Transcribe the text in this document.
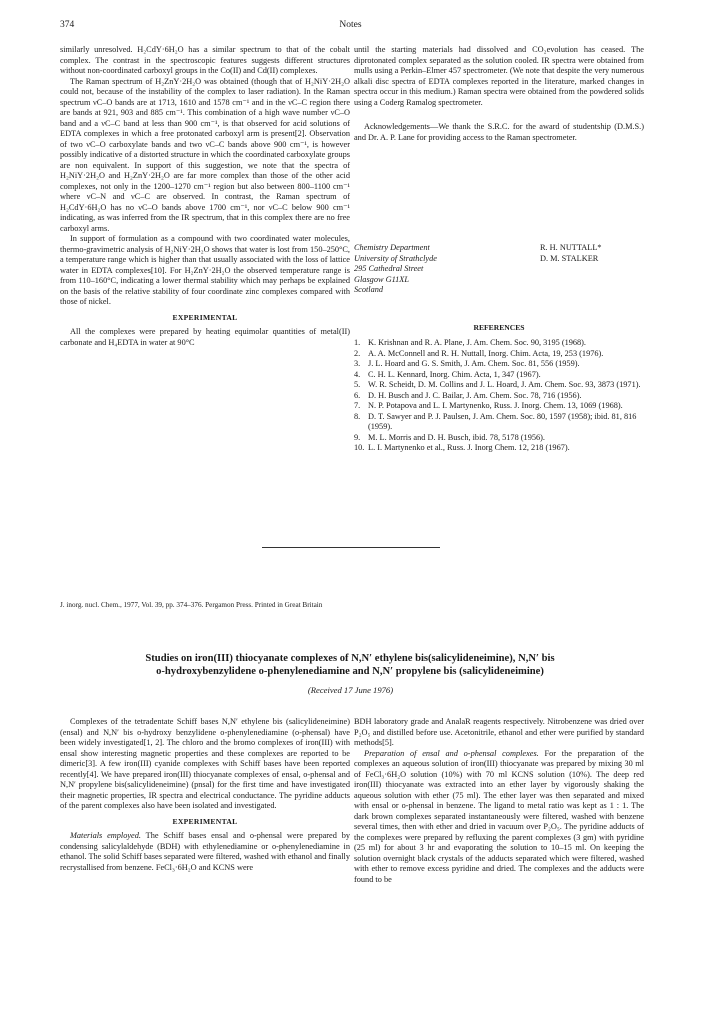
374	Notes

similarly unresolved. H₂CdY·6H₂O has a similar spectrum to that of the cobalt complex. The contrast in the spectroscopic features suggests different structures without non-coordinated carboxyl groups in the Co(II) and Cd(II) complexes.

The Raman spectrum of H₂ZnY·2H₂O was obtained (though that of H₂NiY·2H₂O could not, because of the instability of the complex to laser radiation). In the Raman spectrum νC–O bands are at 1713, 1610 and 1578 cm⁻¹ and in the νC–C region there are bands at 921, 903 and 885 cm⁻¹. This combination of a high wave number νC–O band and a νC–C band at less than 900 cm⁻¹, is that observed for acid solutions of EDTA complexes in which a free protonated carboxyl arm is present[2]. Observation of two νC–O carboxylate bands and two νC–C bands above 900 cm⁻¹, is however possibly indicative of a distorted structure in which the coordinated carboxylate groups are non equivalent. In support of this suggestion, we note that the spectra of H₂NiY·2H₂O and H₂ZnY·2H₂O are far more complex than those of the other acid complexes, not only in the 1200–1270 cm⁻¹ region but also between 800–1100 cm⁻¹ where νC–N and νC–C are observed. In contrast, the Raman spectrum of H₂CdY·6H₂O has no νC–O bands above 1700 cm⁻¹, nor νC–C below 900 cm⁻¹ indicating, as was inferred from the IR spectrum, that in this complex there are no free carboxyl arms.

In support of formulation as a compound with two coordinated water molecules, thermo-gravimetric analysis of H₂NiY·2H₂O shows that water is lost from 150–250°C, a temperature range which is higher than that usually associated with the loss of lattice water in EDTA complexes[10]. For H₂ZnY·2H₂O the observed temperature range is from 110–160°C, indicating a lower thermal stability which may perhaps be explained on the basis of the relative stability of four coordinate zinc complexes compared with those of nickel.

EXPERIMENTAL

All the complexes were prepared by heating equimolar quantities of metal(II) carbonate and H₄EDTA in water at 90°C

until the starting materials had dissolved and CO₂evolution has ceased. The diprotonated complex separated as the solution cooled. IR spectra were obtained from mulls using a Perkin–Elmer 457 spectrometer. (We note that despite the very numerous alkali disc spectra of EDTA complexes reported in the literature, marked changes in spectra occur in this medium.) Raman spectra were obtained from the powdered solids using a Coderg Ramalog spectrometer.

Acknowledgements—We thank the S.R.C. for the award of studentship (D.M.S.) and Dr. A. P. Lane for providing access to the Raman spectrometer.

Chemistry Department
University of Strathclyde
295 Cathedral Street
Glasgow G11XL
Scotland
R. H. NUTTALL*
D. M. STALKER
REFERENCES
1. K. Krishnan and R. A. Plane, J. Am. Chem. Soc. 90, 3195 (1968).
2. A. A. McConnell and R. H. Nuttall, Inorg. Chim. Acta, 19, 253 (1976).
3. J. L. Hoard and G. S. Smith, J. Am. Chem. Soc. 81, 556 (1959).
4. C. H. L. Kennard, Inorg. Chim. Acta, 1, 347 (1967).
5. W. R. Scheidt, D. M. Collins and J. L. Hoard, J. Am. Chem. Soc. 93, 3873 (1971).
6. D. H. Busch and J. C. Bailar, J. Am. Chem. Soc. 78, 716 (1956).
7. N. P. Potapova and L. I. Martynenko, Russ. J. Inorg. Chem. 13, 1069 (1968).
8. D. T. Sawyer and P. J. Paulsen, J. Am. Chem. Soc. 80, 1597 (1958); ibid. 81, 816 (1959).
9. M. L. Morris and D. H. Busch, ibid. 78, 5178 (1956).
10. L. I. Martynenko et al., Russ. J. Inorg Chem. 12, 218 (1967).
J. inorg. nucl. Chem., 1977, Vol. 39, pp. 374–376. Pergamon Press. Printed in Great Britain
Studies on iron(III) thiocyanate complexes of N,N′ ethylene bis(salicylideneimine), N,N′ bis
o-hydroxybenzylidene o-phenylenediamine and N,N′ propylene bis (salicylideneimine)
(Received 17 June 1976)

Complexes of the tetradentate Schiff bases N,N′ ethylene bis (salicylideneimine) (ensal) and N,N′ bis o-hydroxy benzylidene o-phenylenediamine (o-phensal) have been widely investigated[1, 2]. The chloro and the bromo complexes of iron(III) with ensal show interesting magnetic properties and these complexes are reported to be dimeric[3]. A few iron(III) cyanide complexes with Schiff bases have been reported recently[4]. We have prepared iron(III) thiocyanate complexes of ensal, o-phensal and N,N′ propylene bis(salicylideneimine) (pnsal) for the first time and have investigated their magnetic properties, IR spectra and electrical conductance. The pyridine adducts of the parent complexes also have been isolated and investigated.

EXPERIMENTAL

Materials employed. The Schiff bases ensal and o-phensal were prepared by condensing salicylaldehyde (BDH) with ethylenediamine or o-phenylenediamine in ethanol. The solid Schiff bases separated were filtered, washed with ethanol and finally recrystallised from benzene. FeCl₃·6H₂O and KCNS were

BDH laboratory grade and AnalaR reagents respectively. Nitrobenzene was dried over P₂O₅ and distilled before use. Acetonitrile, ethanol and ether were purified by standard methods[5].

Preparation of ensal and o-phensal complexes. For the preparation of the complexes an aqueous solution of iron(III) thiocyanate was prepared by mixing 30 ml of FeCl₃·6H₂O solution (10%) with 70 ml KCNS solution (10%). The deep red iron(III) thiocyanate was extracted into an ether layer by vigorously shaking the aqueous solution with ether (75 ml). The ether layer was then separated and mixed with ensal or o-phensal in benzene. The ligand to metal ratio was kept as 1 : 1. The dark brown complexes separated instantaneously were filtered, washed with benzene several times, then with ether and dried in vacuum over P₂O₅. The pyridine adducts of the complexes were prepared by refluxing the parent complexes (3 gm) with pyridine (25 ml) for about 3 hr and evaporating the solution to 10–15 ml. On keeping the solution overnight black crystals of the adducts separated which were filtered, washed with ether to remove excess pyridine and dried. The complexes and the adducts were found to be
